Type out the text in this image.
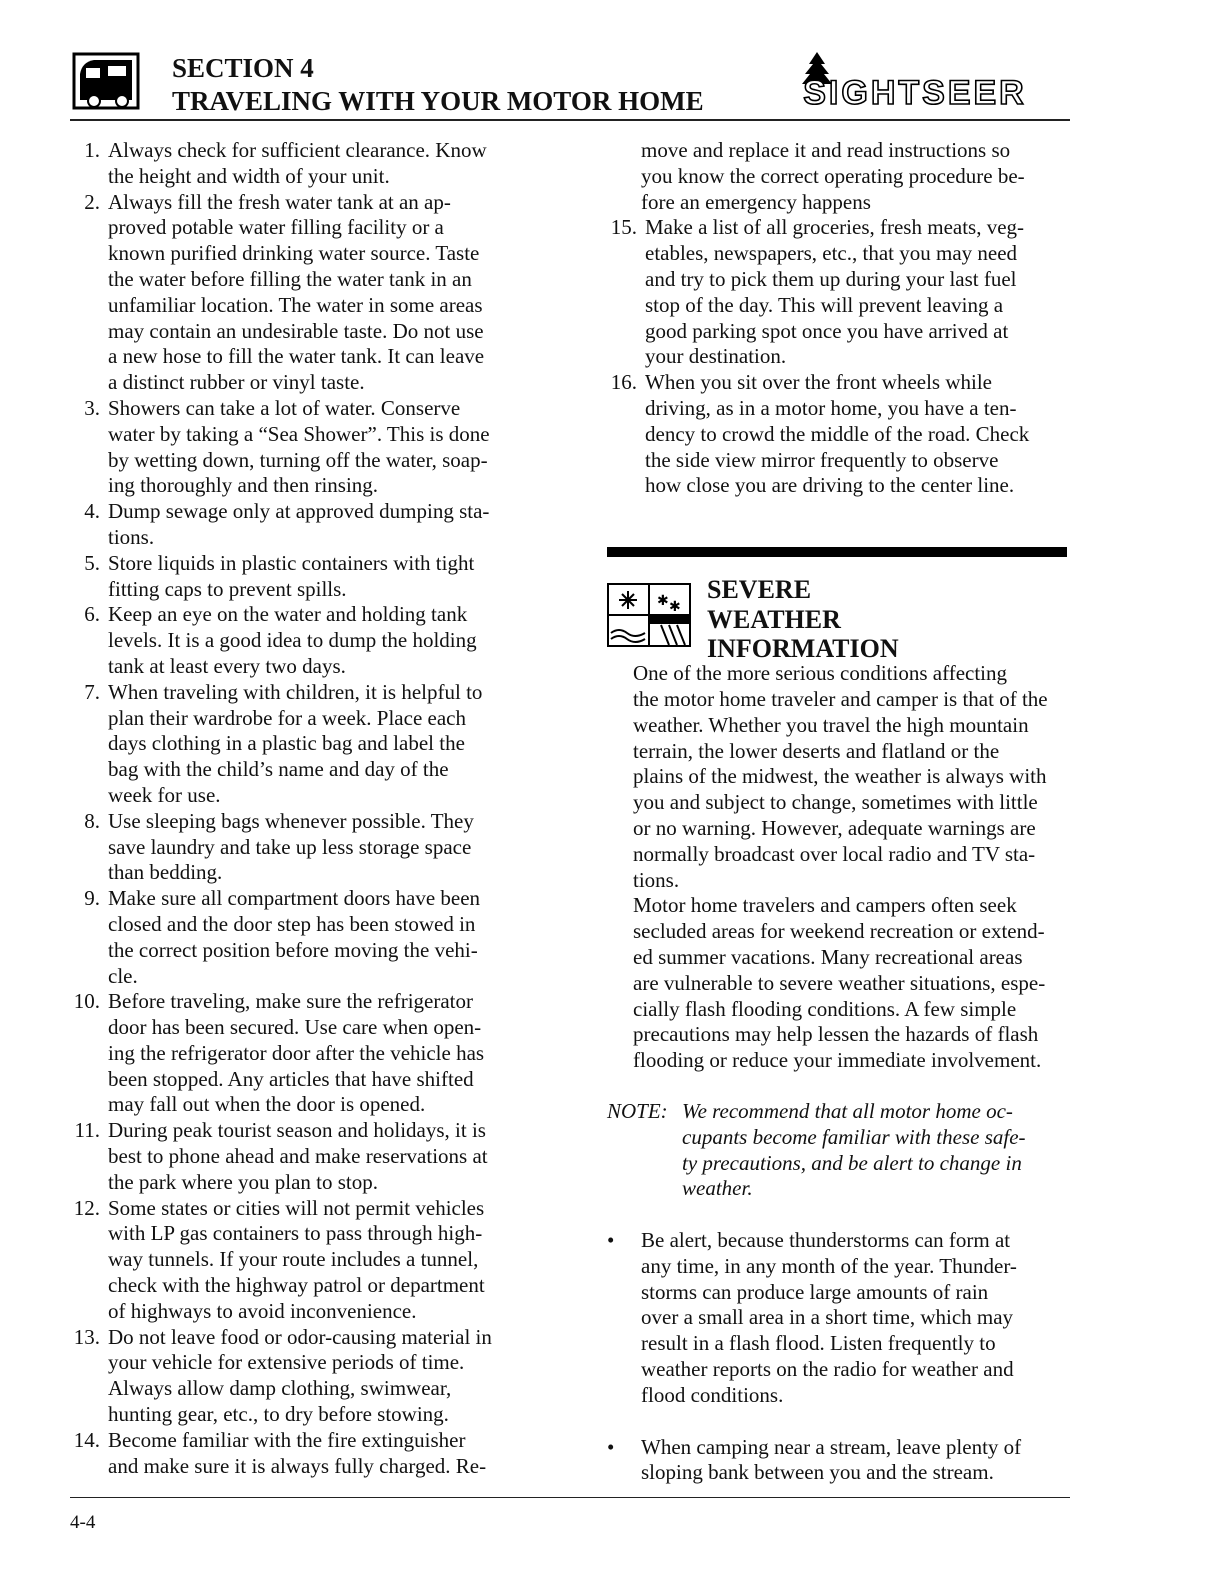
SECTION 4
TRAVELING WITH YOUR MOTOR HOME	SIGHTSEER
1. Always check for sufficient clearance. Know
the height and width of your unit.
2. Always fill the fresh water tank at an ap-
proved potable water filling facility or a
known purified drinking water source. Taste
the water before filling the water tank in an
unfamiliar location. The water in some areas
may contain an undesirable taste. Do not use
a new hose to fill the water tank. It can leave
a distinct rubber or vinyl taste.
3. Showers can take a lot of water. Conserve
water by taking a “Sea Shower”. This is done
by wetting down, turning off the water, soap-
ing thoroughly and then rinsing.
4. Dump sewage only at approved dumping sta-
tions.
5. Store liquids in plastic containers with tight
fitting caps to prevent spills.
6. Keep an eye on the water and holding tank
levels. It is a good idea to dump the holding
tank at least every two days.
7. When traveling with children, it is helpful to
plan their wardrobe for a week. Place each
days clothing in a plastic bag and label the
bag with the child’s name and day of the
week for use.
8. Use sleeping bags whenever possible. They
save laundry and take up less storage space
than bedding.
9. Make sure all compartment doors have been
closed and the door step has been stowed in
the correct position before moving the vehi-
cle.
10. Before traveling, make sure the refrigerator
door has been secured. Use care when open-
ing the refrigerator door after the vehicle has
been stopped. Any articles that have shifted
may fall out when the door is opened.
11. During peak tourist season and holidays, it is
best to phone ahead and make reservations at
the park where you plan to stop.
12. Some states or cities will not permit vehicles
with LP gas containers to pass through high-
way tunnels. If your route includes a tunnel,
check with the highway patrol or department
of highways to avoid inconvenience.
13. Do not leave food or odor-causing material in
your vehicle for extensive periods of time.
Always allow damp clothing, swimwear,
hunting gear, etc., to dry before stowing.
14. Become familiar with the fire extinguisher
and make sure it is always fully charged. Re-
move and replace it and read instructions so
you know the correct operating procedure be-
fore an emergency happens
15. Make a list of all groceries, fresh meats, veg-
etables, newspapers, etc., that you may need
and try to pick them up during your last fuel
stop of the day. This will prevent leaving a
good parking spot once you have arrived at
your destination.
16. When you sit over the front wheels while
driving, as in a motor home, you have a ten-
dency to crowd the middle of the road. Check
the side view mirror frequently to observe
how close you are driving to the center line.
✱ ✱
SEVERE
WEATHER
INFORMATION
One of the more serious conditions affecting
the motor home traveler and camper is that of the
weather. Whether you travel the high mountain
terrain, the lower deserts and flatland or the
plains of the midwest, the weather is always with
you and subject to change, sometimes with little
or no warning. However, adequate warnings are
normally broadcast over local radio and TV sta-
tions.
Motor home travelers and campers often seek
secluded areas for weekend recreation or extend-
ed summer vacations. Many recreational areas
are vulnerable to severe weather situations, espe-
cially flash flooding conditions. A few simple
precautions may help lessen the hazards of flash
flooding or reduce your immediate involvement.
NOTE: We recommend that all motor home oc-
cupants become familiar with these safe-
ty precautions, and be alert to change in
weather.
• Be alert, because thunderstorms can form at
any time, in any month of the year. Thunder-
storms can produce large amounts of rain
over a small area in a short time, which may
result in a flash flood. Listen frequently to
weather reports on the radio for weather and
flood conditions.
• When camping near a stream, leave plenty of
sloping bank between you and the stream.
4-4
